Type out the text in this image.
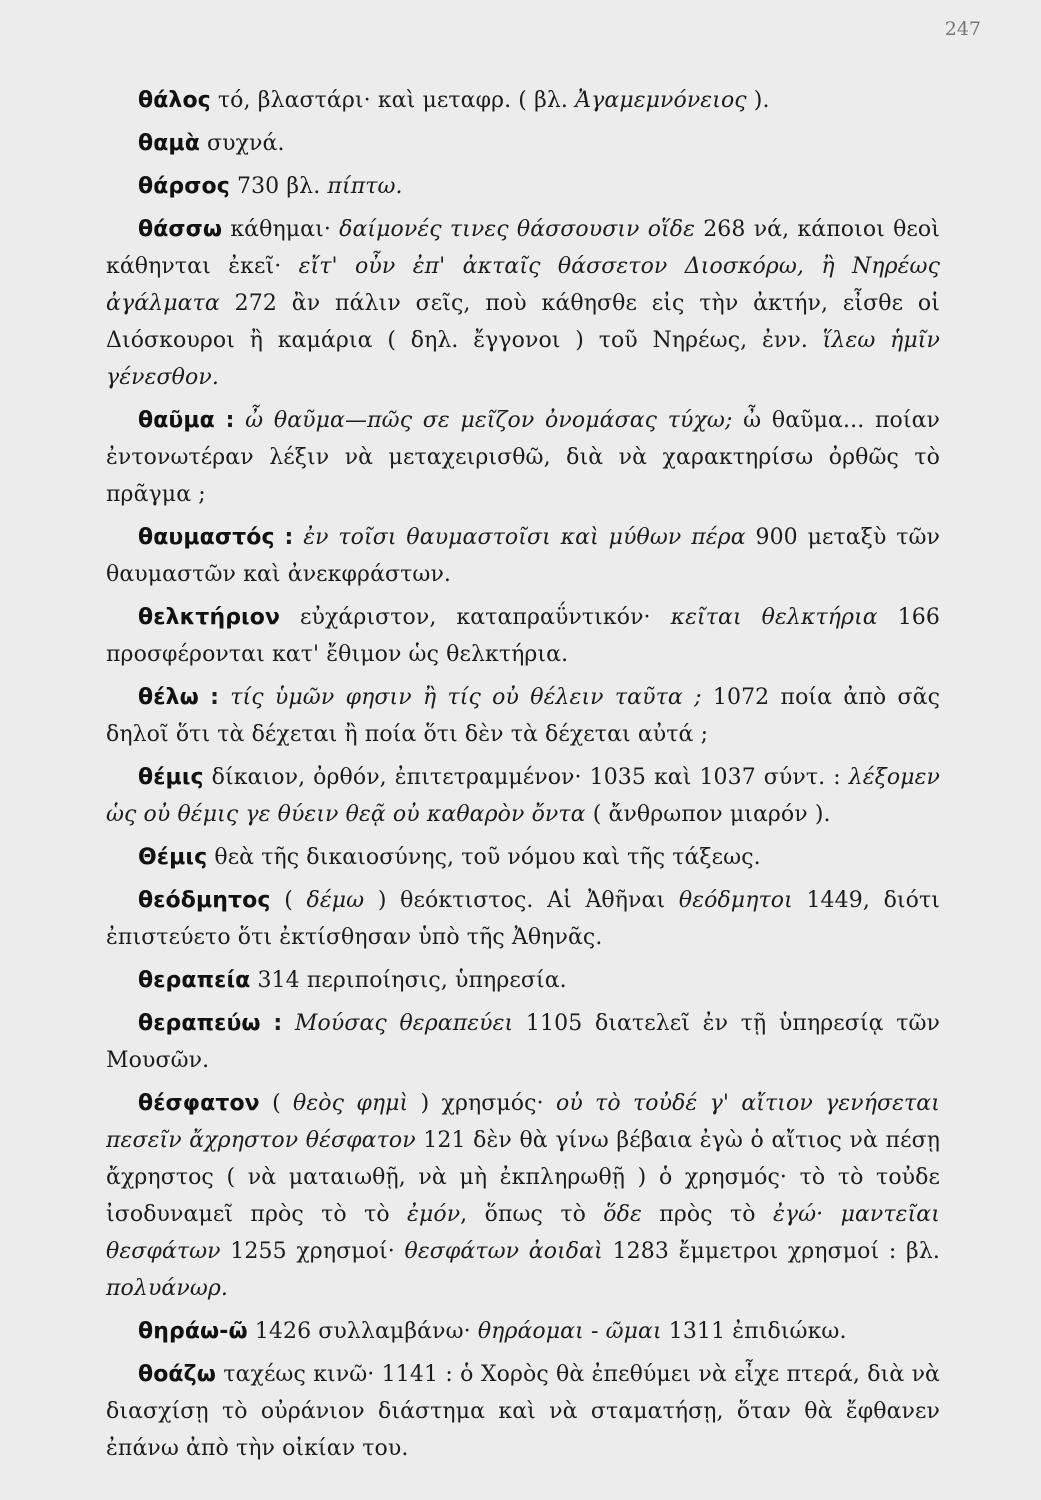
247

θάλος τό, βλαστάρι· καὶ μεταφρ. ( βλ. Ἀγαμεμνόνειος ).

θαμὰ συχνά.

θάρσος 730 βλ. πίπτω.

θάσσω κάθημαι· δαίμονές τινες θάσσουσιν οἵδε 268 νά, κάποιοι θεοὶ κάθηνται ἐκεῖ· εἴτ' οὖν ἐπ' ἀκταῖς θάσσετον Διοσκόρω, ἢ Νηρέως ἀγάλματα 272 ἂν πάλιν σεῖς, ποὺ κάθησθε εἰς τὴν ἀκτήν, εἶσθε οἱ Διόσκουροι ἢ καμάρια ( δηλ. ἔγγονοι ) τοῦ Νηρέως, ἐνν. ἵλεω ἡμῖν γένεσθον.

θαῦμα : ὦ θαῦμα—πῶς σε μεῖζον ὀνομάσας τύχω; ὦ θαῦμα... ποίαν ἐντονωτέραν λέξιν νὰ μεταχειρισθῶ, διὰ νὰ χαρακτηρίσω ὀρθῶς τὸ πρᾶγμα ;

θαυμαστός : ἐν τοῖσι θαυμαστοῖσι καὶ μύθων πέρα 900 μεταξὺ τῶν θαυμαστῶν καὶ ἀνεκφράστων.

θελκτήριον εὐχάριστον, καταπραΰντικόν· κεῖται θελκτήρια 166 προσφέρονται κατ' ἔθιμον ὡς θελκτήρια.

θέλω : τίς ὑμῶν φησιν ἢ τίς οὐ θέλειν ταῦτα ; 1072 ποία ἀπὸ σᾶς δηλοῖ ὅτι τὰ δέχεται ἢ ποία ὅτι δὲν τὰ δέχεται αὐτά ;

θέμις δίκαιον, ὀρθόν, ἐπιτετραμμένον· 1035 καὶ 1037 σύντ. : λέξομεν ὡς οὐ θέμις γε θύειν θεᾷ οὐ καθαρὸν ὄντα ( ἄνθρωπον μιαρόν ).

Θέμις θεὰ τῆς δικαιοσύνης, τοῦ νόμου καὶ τῆς τάξεως.

θεόδμητος ( δέμω ) θεόκτιστος. Αἱ Ἀθῆναι θεόδμητοι 1449, διότι ἐπιστεύετο ὅτι ἐκτίσθησαν ὑπὸ τῆς Ἀθηνᾶς.

θεραπεία 314 περιποίησις, ὑπηρεσία.

θεραπεύω : Μούσας θεραπεύει 1105 διατελεῖ ἐν τῇ ὑπηρεσίᾳ τῶν Μουσῶν.

θέσφατον ( θεὸς φημὶ ) χρησμός· οὐ τὸ τοὐδέ γ' αἴτιον γενήσεται πεσεῖν ἄχρηστον θέσφατον 121 δὲν θὰ γίνω βέβαια ἐγὼ ὁ αἴτιος νὰ πέσῃ ἄχρηστος ( νὰ ματαιωθῇ, νὰ μὴ ἐκπληρωθῇ ) ὁ χρησμός· τὸ τὸ τοὐδε ἰσοδυναμεῖ πρὸς τὸ τὸ ἐμόν, ὅπως τὸ ὅδε πρὸς τὸ ἐγώ· μαντεῖαι θεσφάτων 1255 χρησμοί· θεσφάτων ἀοιδαὶ 1283 ἔμμετροι χρησμοί : βλ. πολυάνωρ.

θηράω-ῶ 1426 συλλαμβάνω· θηράομαι - ῶμαι 1311 ἐπιδιώκω.

θοάζω ταχέως κινῶ· 1141 : ὁ Χορὸς θὰ ἐπεθύμει νὰ εἶχε πτερά, διὰ νὰ διασχίσῃ τὸ οὐράνιον διάστημα καὶ νὰ σταματήσῃ, ὅταν θὰ ἔφθανεν ἐπάνω ἀπὸ τὴν οἰκίαν του.
